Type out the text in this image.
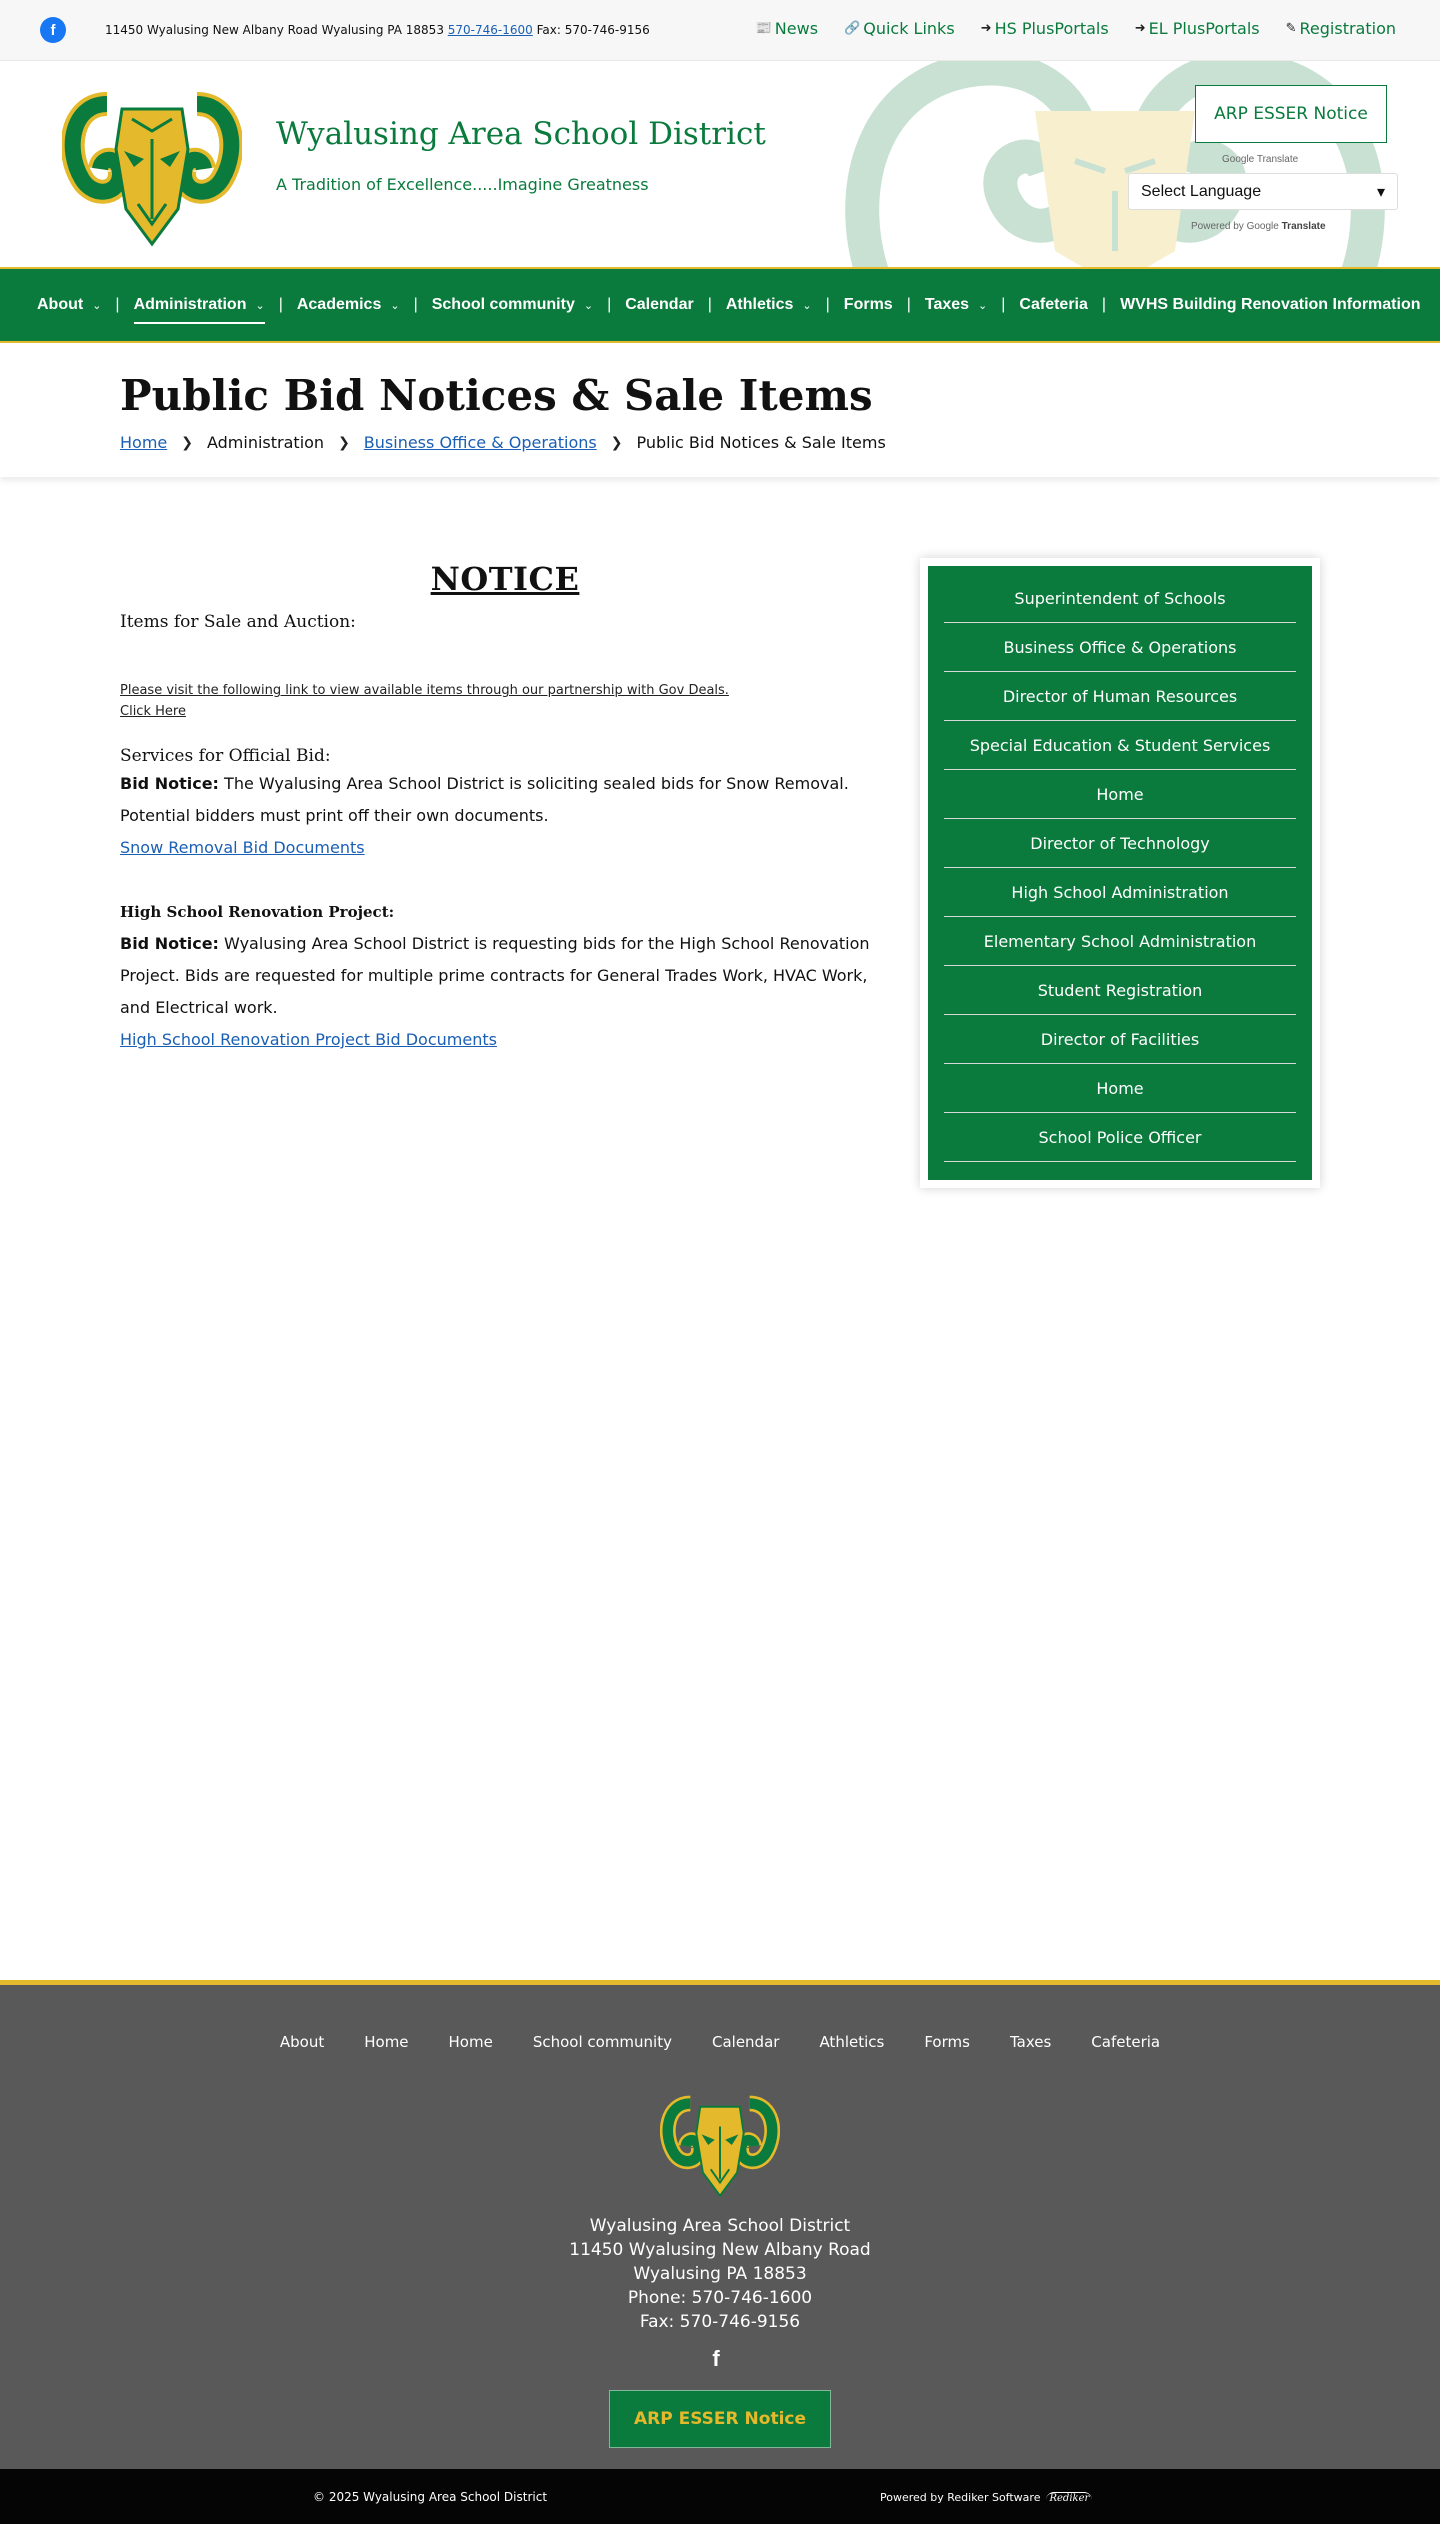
f	11450 Wyalusing New Albany Road Wyalusing PA 18853 570-746-1600 Fax: 570-746-9156	📰 News 🔗 Quick Links ➜ HS PlusPortals ➜ EL PlusPortals ✎ Registration
Wyalusing Area School District
A Tradition of Excellence.....Imagine Greatness
ARP ESSER Notice
Google Translate
Select Language	▾
Powered by Google Translate
About ⌄ | Administration ⌄ | Academics ⌄ | School community ⌄ | Calendar | Athletics ⌄ | Forms | Taxes ⌄ | Cafeteria | WVHS Building Renovation Information
Public Bid Notices & Sale Items
Home ❯ Administration ❯ Business Office & Operations ❯ Public Bid Notices & Sale Items
NOTICE
Items for Sale and Auction:
Please visit the following link to view available items through our partnership with Gov Deals.
Click Here
Services for Official Bid:

Bid Notice: The Wyalusing Area School District is soliciting sealed bids for Snow Removal. Potential bidders must print off their own documents.

Snow Removal Bid Documents
High School Renovation Project:

Bid Notice: Wyalusing Area School District is requesting bids for the High School Renovation Project. Bids are requested for multiple prime contracts for General Trades Work, HVAC Work, and Electrical work.

High School Renovation Project Bid Documents
Superintendent of Schools
Business Office & Operations
Director of Human Resources
Special Education & Student Services
Home
Director of Technology
High School Administration
Elementary School Administration
Student Registration
Director of Facilities
Home
School Police Officer
About	Home	Home	School community	Calendar	Athletics	Forms	Taxes	Cafeteria
Wyalusing Area School District
11450 Wyalusing New Albany Road
Wyalusing PA 18853
Phone: 570-746-1600
Fax: 570-746-9156
f
ARP ESSER Notice
© 2025 Wyalusing Area School District	Powered by Rediker Software Rediker
